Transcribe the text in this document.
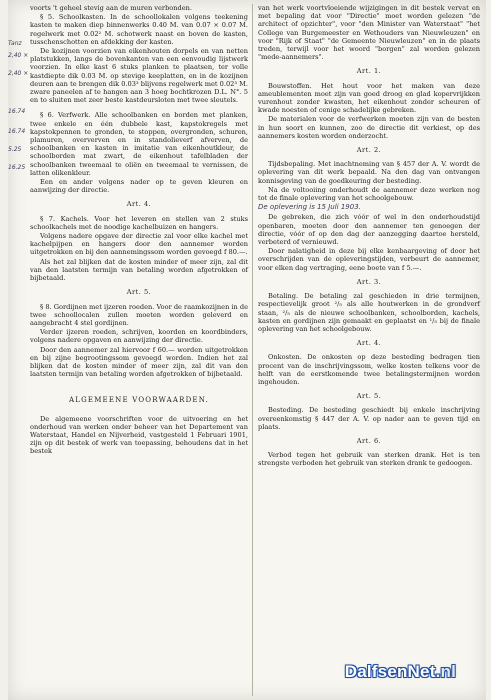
Tanz
2,40 ×
2,40 ×
16.74
16.74
5.25
16.25

voorts 't geheel stevig aan de muren verbonden.

§ 5. Schoolkasten. In de schoollokalen volgens teekening kasten te maken diep binnenwerks 0.40 M. van 0.07 × 0.07 M. regelwerk met 0.02² M. schotwerk naast en boven de kasten, tusschenschotten en afdekking der kasten.

De kozijnen voorzien van eikenhouten dorpels en van netten platstukken, langs de bovenkanten van een eenvoudig lijstwerk voorzien. In elke kast 6 stuks planken te plaatsen, ter volle kastdiepte dik 0.03 M. op stevige keeplatten, en in de kozijnen deuren aan te brengen dik 0.03³ blijvens regelwerk met 0.02³ M. zware paneelen af te hangen aan 3 hoeg bochtkrozen D.L. N°. 5 en to sluiten met zeer beste kastdeursloten met twee sleutels.

§ 6. Verfwerk. Alle schoolbanken en borden met planken, twee enkele en één dubbele kast, kapstokregels met kapstokpennen te gronden, te stoppen, overgronden, schuren, plamuren, oververven en in standolieverf afverven, de schoolbanken en kasten in imitatie van eikenhoutkleur, de schoolborden mat zwart, de eikenhout tafelbladen der schoolbanken tweemaal te oliën en tweemaal te vernissen, de latten olikenkleur.

Een en ander volgens nader op te geven kleuren en aanwijzing der directie.

Art. 4.

§ 7. Kachels. Voor het leveren en stellen van 2 stuks schoolkachels met de noodige kachelbuizen en hangers.

Volgens nadere opgave der directie zal voor elke kachel met kachelpijpen en hangers door den aannemer worden uitgetrokken en bij den aannemingssom worden gevoegd f 80.—.

Als het zal blijken dat de kosten minder of meer zijn, zal dit van den laatsten termijn van betaling worden afgetrokken of bijbetaald.

Art. 5.

§ 8. Gordijnen met ijzeren roeden. Voor de raamkozijnen in de twee schoollocalen zullen moeten worden geleverd en aangebracht 4 stel gordijnen.

Verder ijzeren roeden, schrijven, koorden en koordbinders, volgens nadere opgaven en aanwijzing der directie.

Door den aannemer zal hiervoor f 60.— worden uitgetrokken en bij zijne begrootingssom gevoegd worden. Indien het zal blijken dat de kosten minder of meer zijn, zal dit van den laatsten termijn van betaling worden afgetrokken of bijbetaald.

ALGEMEENE VOORWAARDEN.

De algemeene voorschriften voor de uitvoering en het onderhoud van werken onder beheer van het Departement van Waterstaat, Handel en Nijverheid, vastgesteld 1 Februari 1901, zijn op dit bestek of werk van toepassing, behoudens dat in het bestek

van het werk voortvloeiende wijzigingen in dit bestek vervat en met bepaling dat voor "Directie" moet worden gelezen "de architect of opzichter", voor "den Minister van Waterstaat" "het College van Burgemeester en Wethouders van Nieuwleuzen" en voor "Rijk of Staat" "de Gemeente Nieuwleuzen" en in de plaats treden, terwijl voor het woord "borgen" zal worden gelezen "mede-aannemers".

Art. 1.

Bouwstoffen. Het hout voor het maken van deze ameublementen moet zijn van goed droog en glad kopervrijkken vurenhout zonder kwasten, het eikenhout zonder scheuren of kwade noesten of cenige schadelijke gebreken.

De materialen voor de verfwerken moeten zijn van de besten in hun soort en kunnen, zoo de directie dit verkiest, op des aannemers kosten worden onderzocht.

Art. 2.

Tijdsbepaling. Met inachtneming van § 457 der A. V. wordt de oplevering van dit werk bepaald. Na den dag van ontvangen konnisgeving van de goedkeuring der besteding.

Na de voltooiing onderhoudt de aannemer deze werken nog tot de finale oplevering van het schoolgebouw.

De oplevering is 15 Juli 1903.

De gebreken, die zich vóór of wel in den onderhoudstijd openbaren, moeten door den aannemer ten genoegen der directie, vóór of op den dag der aanzegging daartoe hersteld, verbeterd of vernieuwd.

Door nalatigheid in deze bij elke kenbaargeving of door het overschrijden van de opleveringstijden, verbeurt de aannemer, voor elken dag vertraging, eene boete van f 5.—.

Art. 3.

Betaling. De betaling zal geschieden in drie termijnen, respectievelijk groot ²/₅ als alle houtwerken in de grondverf staan, ²/₅ als de nieuwe schoolbanken, schoolborden, kachels, kasten en gordijnen zijn gemaakt en geplaatst en ¹/₅ bij de finale oplevering van het schoolgebouw.

Art. 4.

Onkosten. De onkosten op deze besteding bedragen tien procent van de inschrijvingssom, welke kosten telkens voor de helft van de eerstkomende twee betalingstermijnen worden ingehouden.

Art. 5.

Besteding. De besteding geschiedt bij enkele inschrijving overeenkomstig § 447 der A. V. op nader aan te geven tijd en plaats.

Art. 6.

Verbod tegen het gebruik van sterken drank. Het is ten strengste verboden het gebruik van sterken drank te gedoogen.

DalfsenNet.nl
